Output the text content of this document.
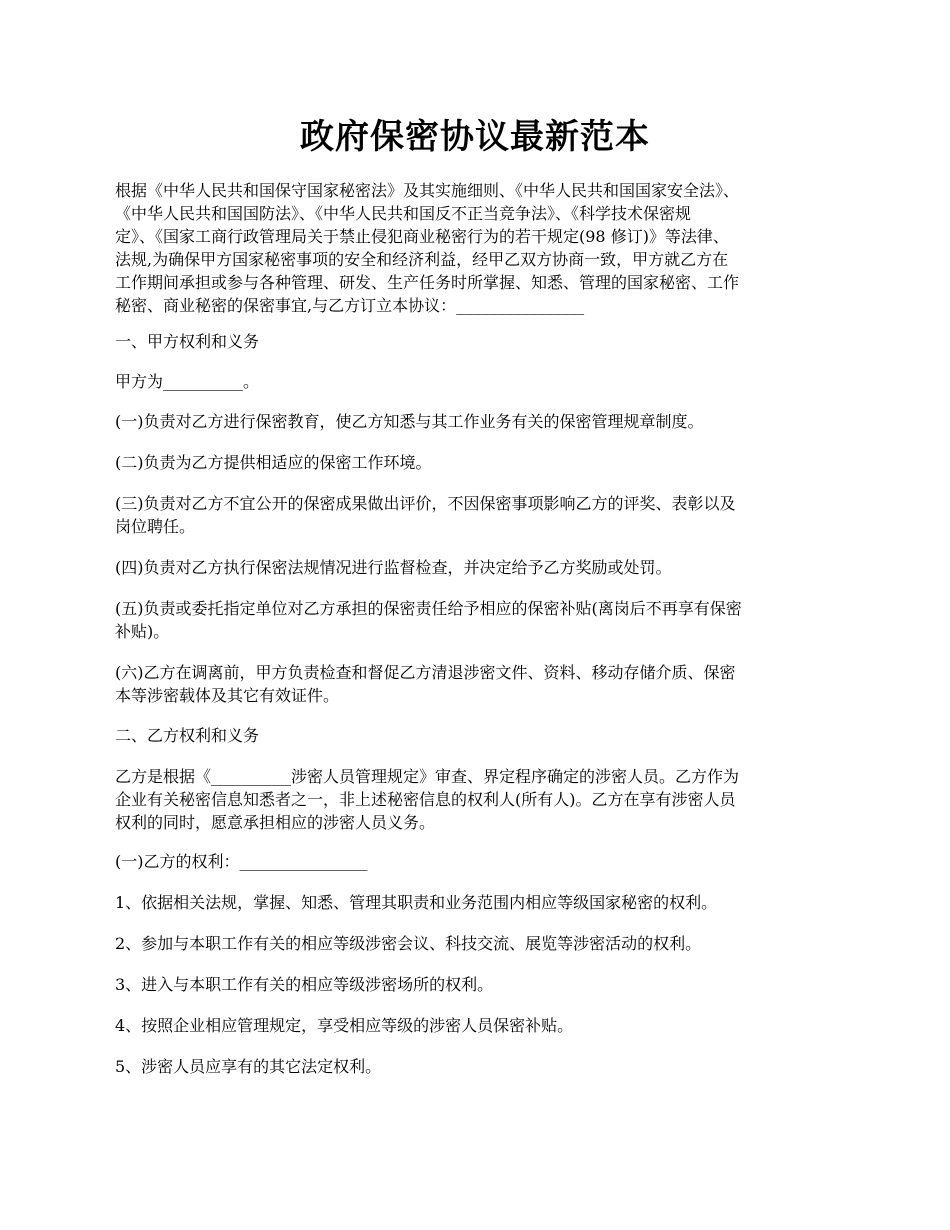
政府保密协议最新范本

根据《中华人民共和国保守国家秘密法》及其实施细则、《中华人民共和国国家安全法》、
《中华人民共和国国防法》、《中华人民共和国反不正当竞争法》、《科学技术保密规
定》、《国家工商行政管理局关于禁止侵犯商业秘密行为的若干规定(98 修订)》等法律、
法规,为确保甲方国家秘密事项的安全和经济利益，经甲乙双方协商一致，甲方就乙方在
工作期间承担或参与各种管理、研发、生产任务时所掌握、知悉、管理的国家秘密、工作
秘密、商业秘密的保密事宜,与乙方订立本协议：________________

一、甲方权利和义务

甲方为__________。

(一)负责对乙方进行保密教育，使乙方知悉与其工作业务有关的保密管理规章制度。

(二)负责为乙方提供相适应的保密工作环境。

(三)负责对乙方不宜公开的保密成果做出评价，不因保密事项影响乙方的评奖、表彰以及
岗位聘任。

(四)负责对乙方执行保密法规情况进行监督检查，并决定给予乙方奖励或处罚。

(五)负责或委托指定单位对乙方承担的保密责任给予相应的保密补贴(离岗后不再享有保密
补贴)。

(六)乙方在调离前，甲方负责检查和督促乙方清退涉密文件、资料、移动存储介质、保密
本等涉密载体及其它有效证件。

二、乙方权利和义务

乙方是根据《__________涉密人员管理规定》审查、界定程序确定的涉密人员。乙方作为
企业有关秘密信息知悉者之一，非上述秘密信息的权利人(所有人)。乙方在享有涉密人员
权利的同时，愿意承担相应的涉密人员义务。

(一)乙方的权利：________________

1、依据相关法规，掌握、知悉、管理其职责和业务范围内相应等级国家秘密的权利。

2、参加与本职工作有关的相应等级涉密会议、科技交流、展览等涉密活动的权利。

3、进入与本职工作有关的相应等级涉密场所的权利。

4、按照企业相应管理规定，享受相应等级的涉密人员保密补贴。

5、涉密人员应享有的其它法定权利。
